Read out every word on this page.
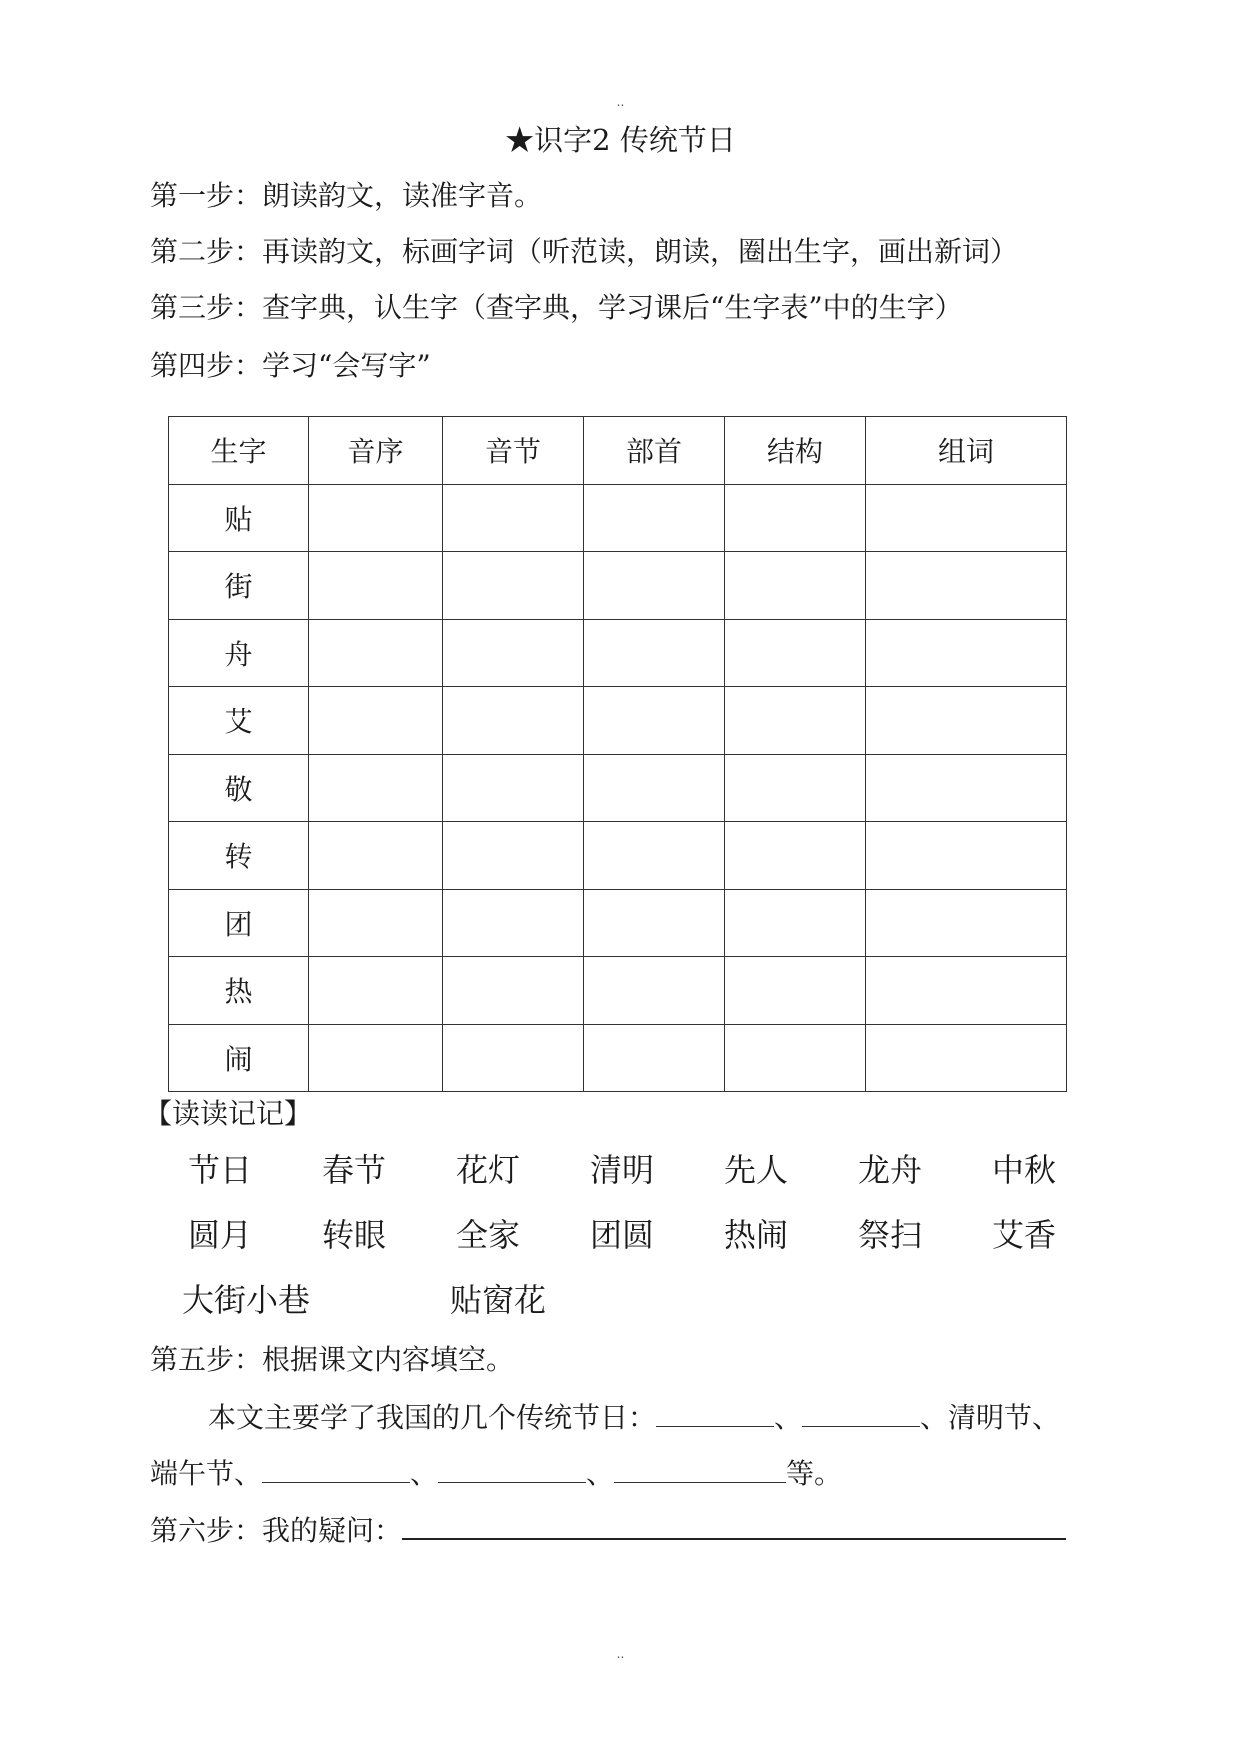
..
★识字2 传统节日
第一步：朗读韵文，读准字音。
第二步：再读韵文，标画字词（听范读，朗读，圈出生字，画出新词）
第三步：查字典，认生字（查字典，学习课后“生字表”中的生字）
第四步：学习“会写字”
生字	音序	音节	部首	结构	组词
贴					
街					
舟					
艾					
敬					
转					
团					
热					
闹					
【读读记记】
节日 春节 花灯 清明 先人 龙舟 中秋
圆月 转眼 全家 团圆 热闹 祭扫 艾香
大街小巷	贴窗花
第五步：根据课文内容填空。
本文主要学了我国的几个传统节日：	、	、清明节、
端午节、	、	、	等。
第六步：我的疑问：
..
